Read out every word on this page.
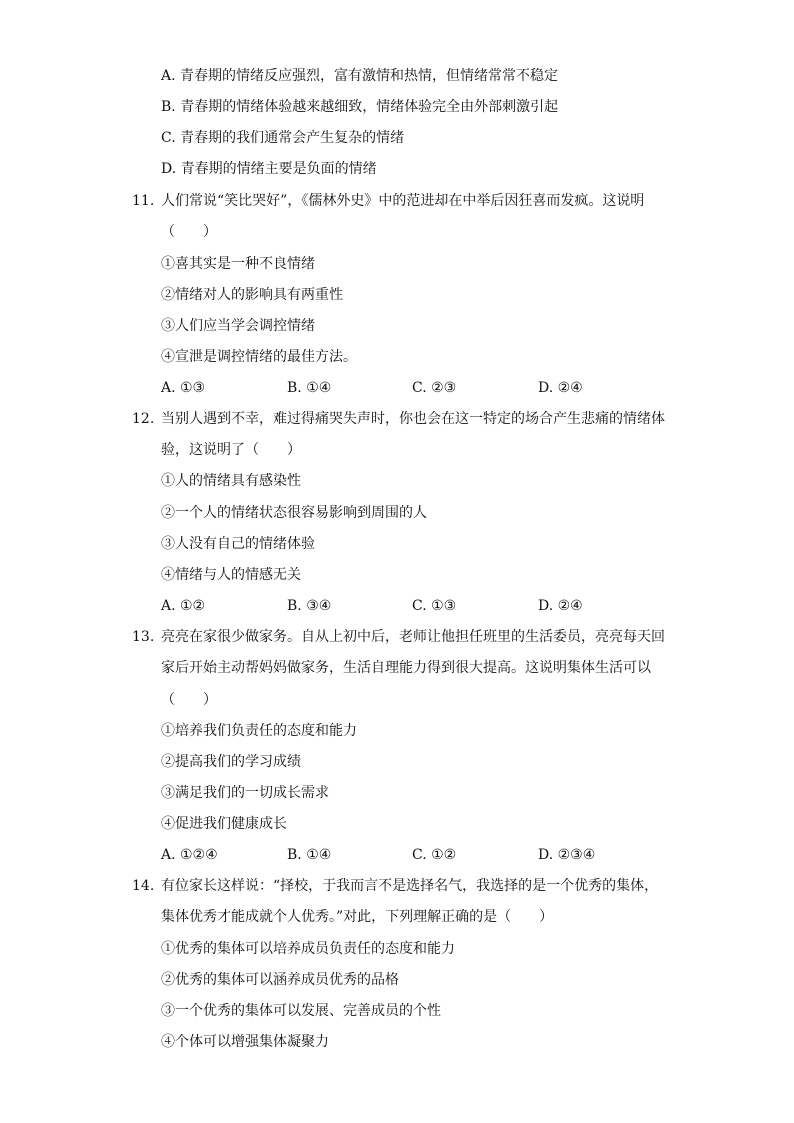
A. 青春期的情绪反应强烈，富有激情和热情，但情绪常常不稳定
B. 青春期的情绪体验越来越细致，情绪体验完全由外部刺激引起
C. 青春期的我们通常会产生复杂的情绪
D. 青春期的情绪主要是负面的情绪
11. 人们常说“笑比哭好”，《儒林外史》中的范进却在中举后因狂喜而发疯。这说明
（　　）
①喜其实是一种不良情绪
②情绪对人的影响具有两重性
③人们应当学会调控情绪
④宣泄是调控情绪的最佳方法。
A. ①③	B. ①④	C. ②③	D. ②④
12. 当别人遇到不幸，难过得痛哭失声时，你也会在这一特定的场合产生悲痛的情绪体
验，这说明了（　　）
①人的情绪具有感染性
②一个人的情绪状态很容易影响到周围的人
③人没有自己的情绪体验
④情绪与人的情感无关
A. ①②	B. ③④	C. ①③	D. ②④
13. 亮亮在家很少做家务。自从上初中后，老师让他担任班里的生活委员，亮亮每天回
家后开始主动帮妈妈做家务，生活自理能力得到很大提高。这说明集体生活可以
（　　）
①培养我们负责任的态度和能力
②提高我们的学习成绩
③满足我们的一切成长需求
④促进我们健康成长
A. ①②④	B. ①④	C. ①②	D. ②③④
14. 有位家长这样说：“择校，于我而言不是选择名气，我选择的是一个优秀的集体，
集体优秀才能成就个人优秀。”对此，下列理解正确的是（　　）
①优秀的集体可以培养成员负责任的态度和能力
②优秀的集体可以涵养成员优秀的品格
③一个优秀的集体可以发展、完善成员的个性
④个体可以增强集体凝聚力
